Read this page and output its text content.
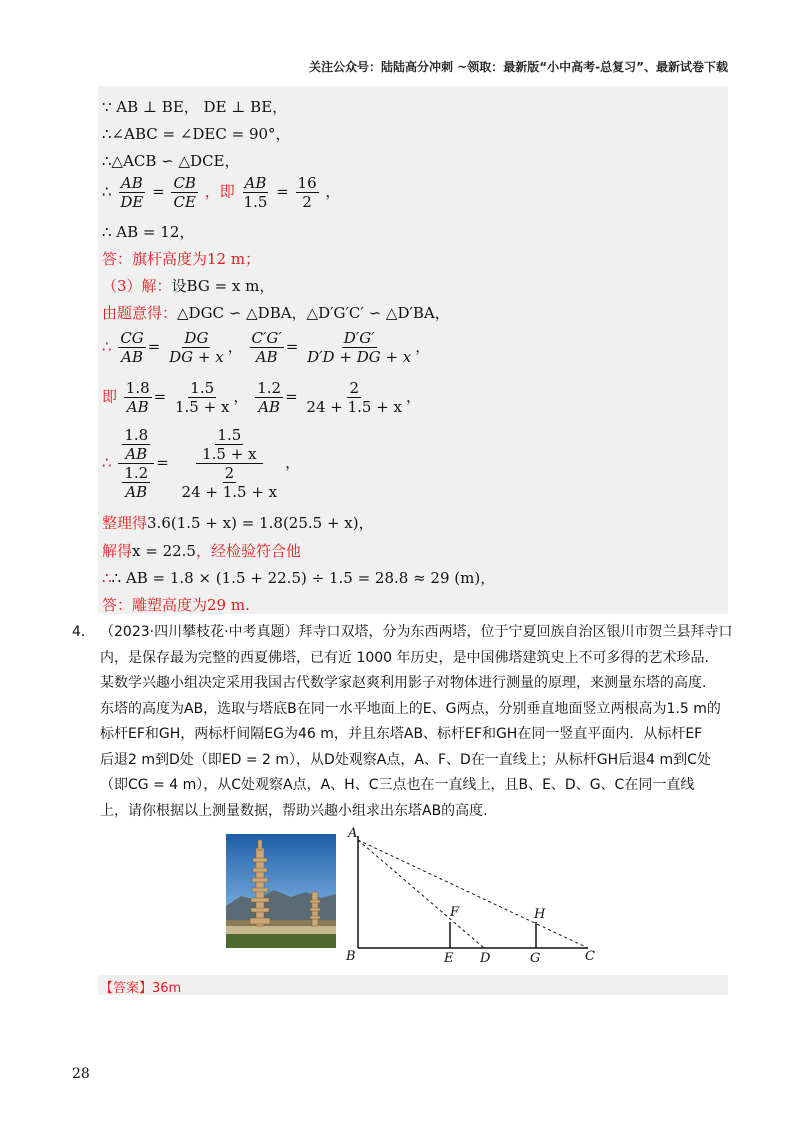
关注公众号：陆陆高分冲刺 ~领取：最新版“小中高考-总复习”、最新试卷下载
∵ AB ⊥ BE， DE ⊥ BE，
∴∠ABC = ∠DEC = 90°，
∴△ACB ∽ △DCE，
∴ $\frac{AB}{DE} = \frac{CB}{CE}$ ，即 $\frac{AB}{1.5} = \frac{16}{2}$ ，
∴ AB = 12，
答：旗杆高度为12 m；
（3）解：设BG = x m，
由题意得：△DGC ∽ △DBA，△D′G′C′ ∽ △D′BA，
∴ $\frac{CG}{AB} = \frac{DG}{DG + x}$ ， $\frac{C'G'}{AB} = \frac{D'G'}{D'D + DG + x}$ ，
即 $\frac{1.8}{AB} = \frac{1.5}{1.5 + x}$ ， $\frac{1.2}{AB} = \frac{2}{24 + 1.5 + x}$ ，
∴ $\frac{\frac{1.8}{AB}}{\frac{1.2}{AB}} = \frac{\frac{1.5}{1.5 + x}}{\frac{2}{24 + 1.5 + x}}$ ，
整理得3.6(1.5 + x) = 1.8(25.5 + x)，
解得x = 22.5，经检验符合他
∴∴ AB = 1.8 × (1.5 + 22.5) ÷ 1.5 = 28.8 ≈ 29 (m)，
答：雕塑高度为29 m.
4． （2023·四川攀枝花·中考真题）拜寺口双塔，分为东西两塔，位于宁夏回族自治区银川市贺兰县拜寺口
内，是保存最为完整的西夏佛塔，已有近 1000 年历史，是中国佛塔建筑史上不可多得的艺术珍品.
某数学兴趣小组决定采用我国古代数学家赵爽利用影子对物体进行测量的原理，来测量东塔的高度.
东塔的高度为AB，选取与塔底B在同一水平地面上的E、G两点，分别垂直地面竖立两根高为1.5 m的
标杆EF和GH，两标杆间隔EG为46 m，并且东塔AB、标杆EF和GH在同一竖直平面内．从标杆EF
后退2 m到D处（即ED = 2 m），从D处观察A点，A、F、D在一直线上；从标杆GH后退4 m到C处
（即CG = 4 m），从C处观察A点，A、H、C三点也在一直线上，且B、E、D、G、C在同一直线
上，请你根据以上测量数据，帮助兴趣小组求出东塔AB的高度.
A
B	E D	G	C
F	H
【答案】36m
28
